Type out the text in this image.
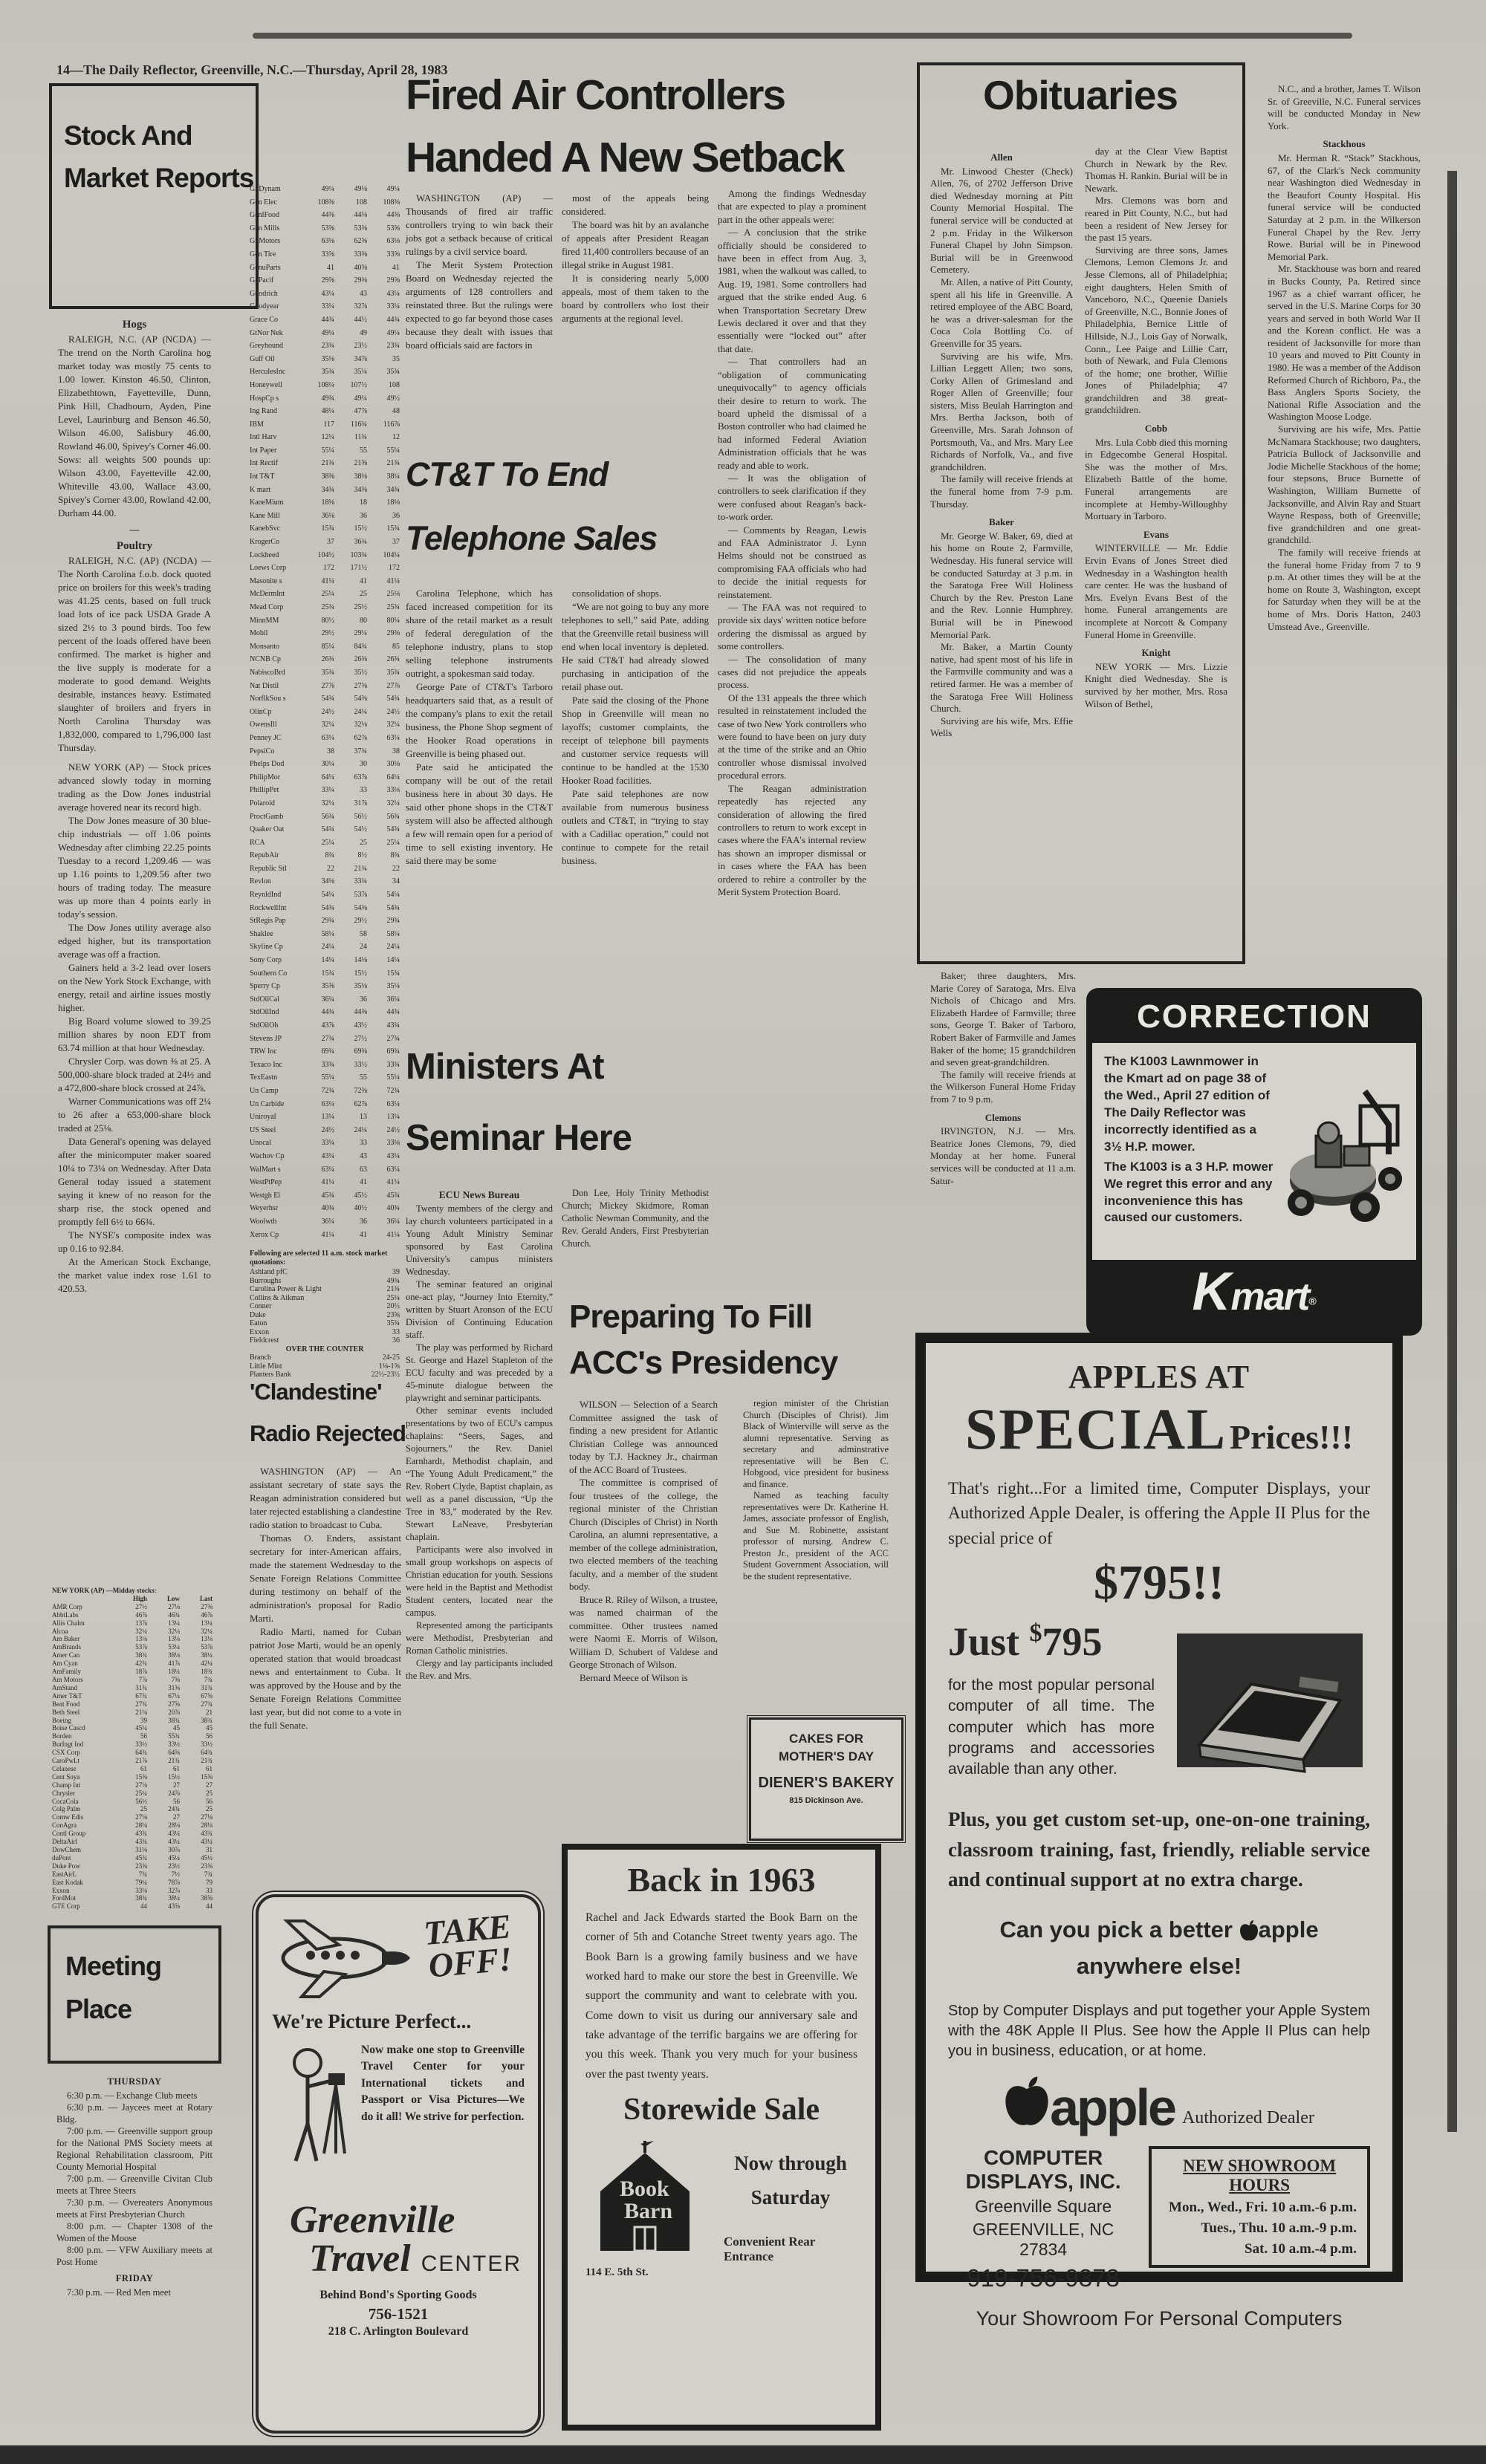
14—The Daily Reflector, Greenville, N.C.—Thursday, April 28, 1983
Stock And
Market Reports
Hogs

RALEIGH, N.C. (AP (NCDA) — The trend on the North Carolina hog market today was mostly 75 cents to 1.00 lower. Kinston 46.50, Clinton, Elizabethtown, Fayetteville, Dunn, Pink Hill, Chadbourn, Ayden, Pine Level, Laurinburg and Benson 46.50, Wilson 46.00, Salisbury 46.00, Rowland 46.00, Spivey's Corner 46.00. Sows: all weights 500 pounds up: Wilson 43.00, Fayetteville 42.00, Whiteville 43.00, Wallace 43.00, Spivey's Corner 43.00, Rowland 42.00, Durham 44.00.

—
Poultry

RALEIGH, N.C. (AP) (NCDA) — The North Carolina f.o.b. dock quoted price on broilers for this week's trading was 41.25 cents, based on full truck load lots of ice pack USDA Grade A sized 2½ to 3 pound birds. Too few percent of the loads offered have been confirmed. The market is higher and the live supply is moderate for a moderate to good demand. Weights desirable, instances heavy. Estimated slaughter of broilers and fryers in North Carolina Thursday was 1,832,000, compared to 1,796,000 last Thursday.

NEW YORK (AP) — Stock prices advanced slowly today in morning trading as the Dow Jones industrial average hovered near its record high.

The Dow Jones measure of 30 blue-chip industrials — off 1.06 points Wednesday after climbing 22.25 points Tuesday to a record 1,209.46 — was up 1.16 points to 1,209.56 after two hours of trading today. The measure was up more than 4 points early in today's session.

The Dow Jones utility average also edged higher, but its transportation average was off a fraction.

Gainers held a 3-2 lead over losers on the New York Stock Exchange, with energy, retail and airline issues mostly higher.

Big Board volume slowed to 39.25 million shares by noon EDT from 63.74 million at that hour Wednesday.

Chrysler Corp. was down ⅜ at 25. A 500,000-share block traded at 24½ and a 472,800-share block crossed at 24⅞.

Warner Communications was off 2¼ to 26 after a 653,000-share block traded at 25⅛.

Data General's opening was delayed after the minicomputer maker soared 10¼ to 73¼ on Wednesday. After Data General today issued a statement saying it knew of no reason for the sharp rise, the stock opened and promptly fell 6½ to 66¾.

The NYSE's composite index was up 0.16 to 92.84.

At the American Stock Exchange, the market value index rose 1.61 to 420.53.

NEW YORK (AP) —Midday stocks:
High	Low	Last
AMR Corp	27½	27⅛	27⅜
AbbtLabs	46⅞	46¾	46⅞
Allis Chalm	13⅞	13¼	13¼
Alcoa	32¼	32⅛	32¼
Am Baker	13⅛	13⅛	13⅛
AmBrands	53⅞	53¼	53⅞
Amer Can	38¾	38⅛	38¼
Am Cyan	42¾	41⅞	42¼
AmFamily	18⅞	18¼	18¾
Am Motors	7⅞	7⅝	7¾
AmStand	31¾	31⅝	31¾
Amer T&T	67¾	67¼	67⅝
Beat Food	27¾	27⅝	27¾
Beth Steel	21⅛	20⅞	21
Boeing	39	38¾	38¾
Boise Cascd	45¼	45	45
Borden	56	55¾	56
BurIngt Ind	33½	33½	33½
CSX Corp	64¾	64⅝	64¾
CaroPwLt	21⅞	21¾	21¾
Celanese	61	61	61
Cent Soya	15⅝	15½	15⅝
Champ Int	27⅛	27	27
Chrysler	25¼	24⅞	25
CocaCola	56½	56	56
Colg Palm	25	24¾	25
Comw Edis	27⅛	27	27⅛
ConAgra	28⅛	28⅛	28⅛
Contl Group	43¾	43¼	43¾
DeltaAirl	43¾	43¼	43¼
DowChem	31⅛	30⅞	31
duPont	45¾	45¼	45½
Duke Pow	23⅝	23½	23⅝
EastAirL	7¾	7½	7¾
East Kodak	79¼	78⅞	79
Exxon	33⅛	32⅞	33
FordMot	38¾	38¼	38⅝
GTE Corp	44	43⅝	44
Meeting
Place
THURSDAY

6:30 p.m. — Exchange Club meets

6:30 p.m. — Jaycees meet at Rotary Bldg.

7:00 p.m. — Greenville support group for the National PMS Society meets at Regional Rehabilitation classroom, Pitt County Memorial Hospital

7:00 p.m. — Greenville Civitan Club meets at Three Steers

7:30 p.m. — Overeaters Anonymous meets at First Presbyterian Church

8:00 p.m. — Chapter 1308 of the Women of the Moose

8:00 p.m. — VFW Auxiliary meets at Post Home

FRIDAY

7:30 p.m. — Red Men meet

GnDynam	49¼	49⅛	49¼
Gen Elec	108⅜	108	108⅜
GenlFood	44⅜	44⅛	44⅜
Gen Mills	53⅝	53⅜	53⅝
GnMotors	63⅛	62⅝	63⅛
Gen Tire	33⅝	33⅜	33⅝
GenuParts	41	40⅝	41
GaPacif	29⅝	29⅜	29⅝
Goodrich	43¼	43	43¼
Goodyear	33¼	32⅞	33¼
Grace Co	44¾	44½	44¾
GtNor Nek	49¼	49	49¼
Greyhound	23¾	23½	23¾
Gulf Oil	35⅛	34⅞	35
HerculesInc	35¾	35¼	35¾
Honeywell	108¼	107½	108
HospCp s	49¾	49¼	49½
Ing Rand	48¼	47⅞	48
IBM	117	116¾	116⅞
Intl Harv	12¼	11¾	12
Int Paper	55¼	55	55¼
Int Rectif	21¾	21⅝	21¾
Int T&T	38⅜	38⅛	38¼
K mart	34¾	34⅜	34¾
KaneMium	18⅛	18	18⅛
Kane Mill	36⅛	36	36
KanebSvc	15¾	15½	15¾
KrogerCo	37	36¾	37
Lockheed	104½	103¾	104¼
Loews Corp	172	171½	172
Masonite s	41¼	41	41¼
McDermInt	25¼	25	25⅛
Mead Corp	25¾	25½	25¾
MinnMM	80½	80	80¼
Mobil	29½	29¼	29⅜
Monsanto	85¼	84¾	85
NCNB Cp	26¾	26⅜	26¾
NabiscoBrd	35¾	35½	35¾
Nat Distil	27⅞	27⅝	27⅞
NorflkSou s	54¾	54⅜	54¾
OlinCp	24½	24¼	24½
OwensIll	32¼	32⅛	32¼
Penney JC	63¼	62⅞	63¼
PepsiCo	38	37¾	38
Phelps Dod	30¼	30	30⅛
PhilipMor	64¼	63⅞	64¼
PhillipPet	33¼	33	33⅛
Polaroid	32¼	31⅞	32¼
ProctGamb	56¾	56½	56¾
Quaker Oat	54¾	54½	54¾
RCA	25¼	25	25¼
RepubAir	8¾	8½	8¾
Republic Stl	22	21¾	22
Revlon	34⅛	33¾	34
ReynldInd	54¼	53⅞	54¼
RockwellInt	54¾	54⅜	54¾
StRegis Pap	29¾	29½	29¾
Shaklee	58¼	58	58¼
Skyline Cp	24¼	24	24¼
Sony Corp	14¼	14⅛	14¼
Southern Co	15¾	15½	15¾
Sperry Cp	35⅜	35⅛	35¼
StdOilCal	36¼	36	36¼
StdOilInd	44¾	44⅜	44¾
StdOilOh	43⅞	43½	43¾
Stevens JP	27¾	27½	27¾
TRW Inc	69¾	69⅜	69¾
Texaco Inc	33¾	33½	33¾
TexEastn	55¼	55	55¼
Un Camp	72¾	72⅜	72¾
Un Carbide	63¼	62⅞	63¼
Uniroyal	13¼	13	13¼
US Steel	24½	24¼	24½
Unocal	33¼	33	33⅛
Wachov Cp	43¼	43	43¼
WalMart s	63¼	63	63¼
WestPtPep	41¼	41	41¼
Westgh El	45¾	45½	45¾
Weyerhsr	40¾	40½	40¾
Woolwth	36¼	36	36¼
Xerox Cp	41¼	41	41¼
Following are selected 11 a.m. stock market quotations:
Ashland pfC	39
Burroughs	49¾
Carolina Power & Light	21¾
Collins & Aikman	25¼
Conner	20½
Duke	23⅝
Eaton	35¾
Exxon	33
Fieldcrest	36
OVER THE COUNTER
Branch	24-25
Little Mint	1⅛-1⅝
Planters Bank	22½-23½
'Clandestine'
Radio Rejected

WASHINGTON (AP) — An assistant secretary of state says the Reagan administration considered but later rejected establishing a clandestine radio station to broadcast to Cuba.

Thomas O. Enders, assistant secretary for inter-American affairs, made the statement Wednesday to the Senate Foreign Relations Committee during testimony on behalf of the administration's proposal for Radio Marti.

Radio Marti, named for Cuban patriot Jose Marti, would be an openly operated station that would broadcast news and entertainment to Cuba. It was approved by the House and by the Senate Foreign Relations Committee last year, but did not come to a vote in the full Senate.

Fired Air Controllers
Handed A New Setback

WASHINGTON (AP) — Thousands of fired air traffic controllers trying to win back their jobs got a setback because of critical rulings by a civil service board.

The Merit System Protection Board on Wednesday rejected the arguments of 128 controllers and reinstated three. But the rulings were expected to go far beyond those cases because they dealt with issues that board officials said are factors in

most of the appeals being considered.

The board was hit by an avalanche of appeals after President Reagan fired 11,400 controllers because of an illegal strike in August 1981.

It is considering nearly 5,000 appeals, most of them taken to the board by controllers who lost their arguments at the regional level.

Among the findings Wednesday that are expected to play a prominent part in the other appeals were:

— A conclusion that the strike officially should be considered to have been in effect from Aug. 3, 1981, when the walkout was called, to Aug. 19, 1981. Some controllers had argued that the strike ended Aug. 6 when Transportation Secretary Drew Lewis declared it over and that they essentially were “locked out” after that date.

— That controllers had an “obligation of communicating unequivocally” to agency officials their desire to return to work. The board upheld the dismissal of a Boston controller who had claimed he had informed Federal Aviation Administration officials that he was ready and able to work.

— It was the obligation of controllers to seek clarification if they were confused about Reagan's back-to-work order.

— Comments by Reagan, Lewis and FAA Administrator J. Lynn Helms should not be construed as compromising FAA officials who had to decide the initial requests for reinstatement.

— The FAA was not required to provide six days' written notice before ordering the dismissal as argued by some controllers.

— The consolidation of many cases did not prejudice the appeals process.

Of the 131 appeals the three which resulted in reinstatement included the case of two New York controllers who were found to have been on jury duty at the time of the strike and an Ohio controller whose dismissal involved procedural errors.

The Reagan administration repeatedly has rejected any consideration of allowing the fired controllers to return to work except in cases where the FAA's internal review has shown an improper dismissal or in cases where the FAA has been ordered to rehire a controller by the Merit System Protection Board.

CT&T To End
Telephone Sales

Carolina Telephone, which has faced increased competition for its share of the retail market as a result of federal deregulation of the telephone industry, plans to stop selling telephone instruments outright, a spokesman said today.

George Pate of CT&T's Tarboro headquarters said that, as a result of the company's plans to exit the retail business, the Phone Shop segment of the Hooker Road operations in Greenville is being phased out.

Pate said he anticipated the company will be out of the retail business here in about 30 days. He said other phone shops in the CT&T system will also be affected although a few will remain open for a period of time to sell existing inventory. He said there may be some

consolidation of shops.

“We are not going to buy any more telephones to sell,” said Pate, adding that the Greenville retail business will end when local inventory is depleted. He said CT&T had already slowed purchasing in anticipation of the retail phase out.

Pate said the closing of the Phone Shop in Greenville will mean no layoffs; customer complaints, the receipt of telephone bill payments and customer service requests will continue to be handled at the 1530 Hooker Road facilities.

Pate said telephones are now available from numerous business outlets and CT&T, in “trying to stay with a Cadillac operation,” could not continue to compete for the retail business.

Ministers At
Seminar Here
ECU News Bureau

Twenty members of the clergy and lay church volunteers participated in a Young Adult Ministry Seminar sponsored by East Carolina University's campus ministers Wednesday.

The seminar featured an original one-act play, “Journey Into Eternity,” written by Stuart Aronson of the ECU Division of Continuing Education staff.

The play was performed by Richard St. George and Hazel Stapleton of the ECU faculty and was preceded by a 45-minute dialogue between the playwright and seminar participants.

Other seminar events included presentations by two of ECU's campus chaplains: “Seers, Sages, and Sojourners,” the Rev. Daniel Earnhardt, Methodist chaplain, and “The Young Adult Predicament,” the Rev. Robert Clyde, Baptist chaplain, as well as a panel discussion, “Up the Tree in '83,” moderated by the Rev. Stewart LaNeave, Presbyterian chaplain.

Participants were also involved in small group workshops on aspects of Christian education for youth. Sessions were held in the Baptist and Methodist Student centers, located near the campus.

Represented among the participants were Methodist, Presbyterian and Roman Catholic ministries.

Clergy and lay participants included the Rev. and Mrs.

Don Lee, Holy Trinity Methodist Church; Mickey Skidmore, Roman Catholic Newman Community, and the Rev. Gerald Anders, First Presbyterian Church.

Preparing To Fill
ACC's Presidency

WILSON — Selection of a Search Committee assigned the task of finding a new president for Atlantic Christian College was announced today by T.J. Hackney Jr., chairman of the ACC Board of Trustees.

The committee is comprised of four trustees of the college, the regional minister of the Christian Church (Disciples of Christ) in North Carolina, an alumni representative, a member of the college administration, two elected members of the teaching faculty, and a member of the student body.

Bruce R. Riley of Wilson, a trustee, was named chairman of the committee. Other trustees named were Naomi E. Morris of Wilson, William D. Schubert of Valdese and George Stronach of Wilson.

Bernard Meece of Wilson is

region minister of the Christian Church (Disciples of Christ). Jim Black of Winterville will serve as the alumni representative. Serving as secretary and adminstrative representative will be Ben C. Hobgood, vice president for business and finance.

Named as teaching faculty representatives were Dr. Katherine H. James, associate professor of English, and Sue M. Robinette, assistant professor of nursing. Andrew C. Preston Jr., president of the ACC Student Government Association, will be the student representative.

CAKES FOR
MOTHER'S DAY
DIENER'S BAKERY
815 Dickinson Ave.
Obituaries
Allen

Mr. Linwood Chester (Check) Allen, 76, of 2702 Jefferson Drive died Wednesday morning at Pitt County Memorial Hospital. The funeral service will be conducted at 2 p.m. Friday in the Wilkerson Funeral Chapel by John Simpson. Burial will be in Greenwood Cemetery.

Mr. Allen, a native of Pitt County, spent all his life in Greenville. A retired employee of the ABC Board, he was a driver-salesman for the Coca Cola Bottling Co. of Greenville for 35 years.

Surviving are his wife, Mrs. Lillian Leggett Allen; two sons, Corky Allen of Grimesland and Roger Allen of Greenville; four sisters, Miss Beulah Harrington and Mrs. Bertha Jackson, both of Greenville, Mrs. Sarah Johnson of Portsmouth, Va., and Mrs. Mary Lee Richards of Norfolk, Va., and five grandchildren.

The family will receive friends at the funeral home from 7-9 p.m. Thursday.

Baker

Mr. George W. Baker, 69, died at his home on Route 2, Farmville, Wednesday. His funeral service will be conducted Saturday at 3 p.m. in the Saratoga Free Will Holiness Church by the Rev. Preston Lane and the Rev. Lonnie Humphrey. Burial will be in Pinewood Memorial Park.

Mr. Baker, a Martin County native, had spent most of his life in the Farmville community and was a retired farmer. He was a member of the Saratoga Free Will Holiness Church.

Surviving are his wife, Mrs. Effie Wells

day at the Clear View Baptist Church in Newark by the Rev. Thomas H. Rankin. Burial will be in Newark.

Mrs. Clemons was born and reared in Pitt County, N.C., but had been a resident of New Jersey for the past 15 years.

Surviving are three sons, James Clemons, Lemon Clemons Jr. and Jesse Clemons, all of Philadelphia; eight daughters, Helen Smith of Vanceboro, N.C., Queenie Daniels of Greenville, N.C., Bonnie Jones of Philadelphia, Bernice Little of Hillside, N.J., Lois Gay of Norwalk, Conn., Lee Paige and Lillie Carr, both of Newark, and Fula Clemons of the home; one brother, Willie Jones of Philadelphia; 47 grandchildren and 38 great-grandchildren.

Cobb

Mrs. Lula Cobb died this morning in Edgecombe General Hospital. She was the mother of Mrs. Elizabeth Battle of the home. Funeral arrangements are incomplete at Hemby-Willoughby Mortuary in Tarboro.

Evans

WINTERVILLE — Mr. Eddie Ervin Evans of Jones Street died Wednesday in a Washington health care center. He was the husband of Mrs. Evelyn Evans Best of the home. Funeral arrangements are incomplete at Norcott & Company Funeral Home in Greenville.

Knight

NEW YORK — Mrs. Lizzie Knight died Wednesday. She is survived by her mother, Mrs. Rosa Wilson of Bethel,

Baker; three daughters, Mrs. Marie Corey of Saratoga, Mrs. Elva Nichols of Chicago and Mrs. Elizabeth Hardee of Farmville; three sons, George T. Baker of Tarboro, Robert Baker of Farmville and James Baker of the home; 15 grandchildren and seven great-grandchildren.

The family will receive friends at the Wilkerson Funeral Home Friday from 7 to 9 p.m.

Clemons

IRVINGTON, N.J. — Mrs. Beatrice Jones Clemons, 79, died Monday at her home. Funeral services will be conducted at 11 a.m. Satur-

N.C., and a brother, James T. Wilson Sr. of Greeville, N.C. Funeral services will be conducted Monday in New York.

Stackhous

Mr. Herman R. “Stack” Stackhous, 67, of the Clark's Neck community near Washington died Wednesday in the Beaufort County Hospital. His funeral service will be conducted Saturday at 2 p.m. in the Wilkerson Funeral Chapel by the Rev. Jerry Rowe. Burial will be in Pinewood Memorial Park.

Mr. Stackhouse was born and reared in Bucks County, Pa. Retired since 1967 as a chief warrant officer, he served in the U.S. Marine Corps for 30 years and served in both World War II and the Korean conflict. He was a resident of Jacksonville for more than 10 years and moved to Pitt County in 1980. He was a member of the Addison Reformed Church of Richboro, Pa., the Bass Anglers Sports Society, the National Rifle Association and the Washington Moose Lodge.

Surviving are his wife, Mrs. Pattie McNamara Stackhouse; two daughters, Patricia Bullock of Jacksonville and Jodie Michelle Stackhous of the home; four stepsons, Bruce Burnette of Washington, William Burnette of Jacksonville, and Alvin Ray and Stuart Wayne Respass, both of Greenville; five grandchildren and one great-grandchild.

The family will receive friends at the funeral home Friday from 7 to 9 p.m. At other times they will be at the home on Route 3, Washington, except for Saturday when they will be at the home of Mrs. Doris Hatton, 2403 Umstead Ave., Greenville.

CORRECTION

The K1003 Lawnmower in the Kmart ad on page 38 of the Wed., April 27 edition of The Daily Reflector was incorrectly identified as a 3½ H.P. mower.

The K1003 is a 3 H.P. mower We regret this error and any inconvenience this has caused our customers.

Kmart®
APPLES AT
SPECIAL Prices!!!
That's right...For a limited time, Computer Displays, your Authorized Apple Dealer, is offering the Apple II Plus for the special price of
$795!!
Just $795
for the most popular personal computer of all time. The computer which has more programs and accessories available than any other.
Plus, you get custom set-up, one-on-one training, classroom training, fast, friendly, reliable service and continual support at no extra charge.
Can you pick a better apple
anywhere else!
Stop by Computer Displays and put together your Apple System with the 48K Apple II Plus. See how the Apple II Plus can help you in business, education, or at home.
apple Authorized Dealer
COMPUTER DISPLAYS, INC.
Greenville Square
GREENVILLE, NC 27834
919-756-9378
NEW SHOWROOM HOURS
Mon., Wed., Fri. 10 a.m.-6 p.m.
Tues., Thu. 10 a.m.-9 p.m.
Sat. 10 a.m.-4 p.m.
Your Showroom For Personal Computers
Back in 1963

Rachel and Jack Edwards started the Book Barn on the corner of 5th and Cotanche Street twenty years ago. The Book Barn is a growing family business and we have worked hard to make our store the best in Greenville. We support the community and want to celebrate with you. Come down to visit us during our anniversary sale and take advantage of the terrific bargains we are offering for you this week. Thank you very much for your business over the past twenty years.

Storewide Sale
Book
Barn
114 E. 5th St.
Now through
Saturday
Convenient Rear Entrance
TAKE
OFF!
We're Picture Perfect...
Now make one stop to Greenville Travel Center for your International tickets and Passport or Visa Pictures—We do it all! We strive for perfection.
Greenville
Travel CENTER
Behind Bond's Sporting Goods
756-1521
218 C. Arlington Boulevard
